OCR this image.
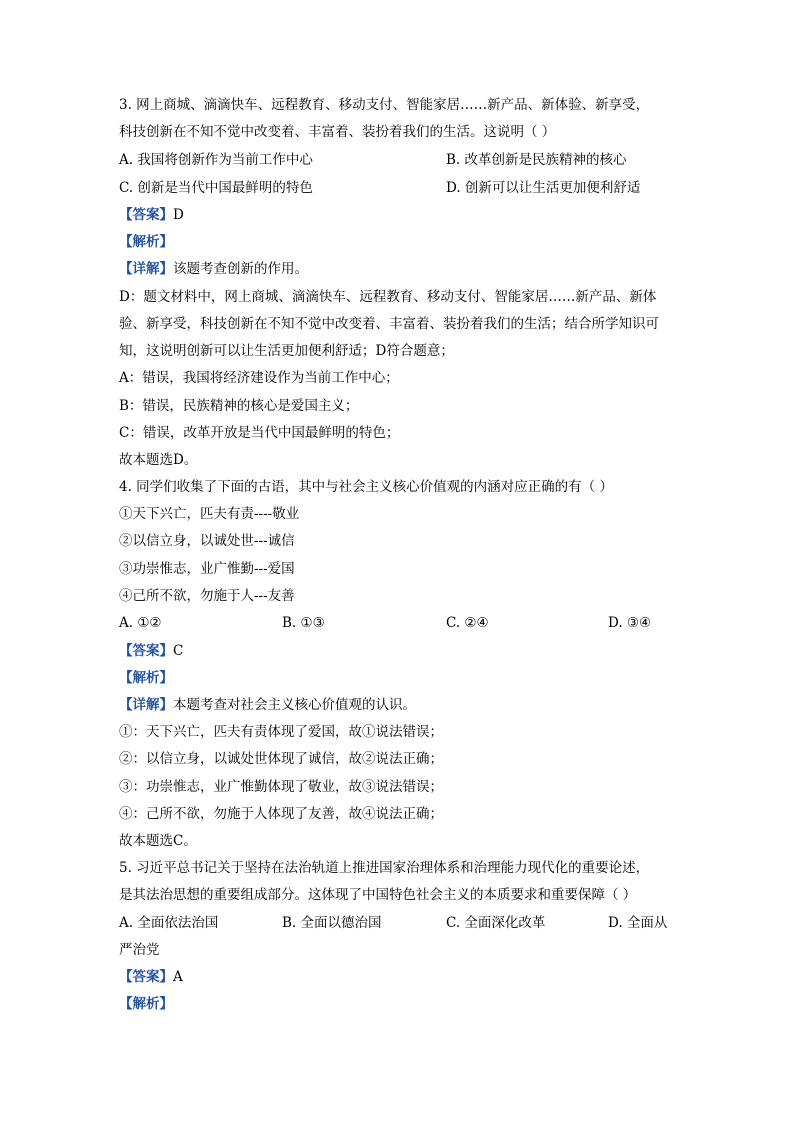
3. 网上商城、滴滴快车、远程教育、移动支付、智能家居……新产品、新体验、新享受，
科技创新在不知不觉中改变着、丰富着、装扮着我们的生活。这说明（ ）
A. 我国将创新作为当前工作中心	B. 改革创新是民族精神的核心
C. 创新是当代中国最鲜明的特色	D. 创新可以让生活更加便利舒适
【答案】D
【解析】
【详解】该题考查创新的作用。
D：题文材料中，网上商城、滴滴快车、远程教育、移动支付、智能家居……新产品、新体
验、新享受，科技创新在不知不觉中改变着、丰富着、装扮着我们的生活；结合所学知识可
知，这说明创新可以让生活更加便利舒适；D符合题意；
A：错误，我国将经济建设作为当前工作中心；
B：错误，民族精神的核心是爱国主义；
C：错误，改革开放是当代中国最鲜明的特色；
故本题选D。
4. 同学们收集了下面的古语，其中与社会主义核心价值观的内涵对应正确的有（ ）
①天下兴亡，匹夫有责----敬业
②以信立身，以诚处世---诚信
③功崇惟志，业广惟勤---爱国
④己所不欲，勿施于人---友善
A. ①②	B. ①③	C. ②④	D. ③④
【答案】C
【解析】
【详解】本题考查对社会主义核心价值观的认识。
①：天下兴亡，匹夫有责体现了爱国，故①说法错误；
②：以信立身，以诚处世体现了诚信，故②说法正确；
③：功崇惟志，业广惟勤体现了敬业，故③说法错误；
④：己所不欲，勿施于人体现了友善，故④说法正确；
故本题选C。
5. 习近平总书记关于坚持在法治轨道上推进国家治理体系和治理能力现代化的重要论述，
是其法治思想的重要组成部分。这体现了中国特色社会主义的本质要求和重要保障（ ）
A. 全面依法治国	B. 全面以德治国	C. 全面深化改革	D. 全面从
严治党
【答案】A
【解析】
